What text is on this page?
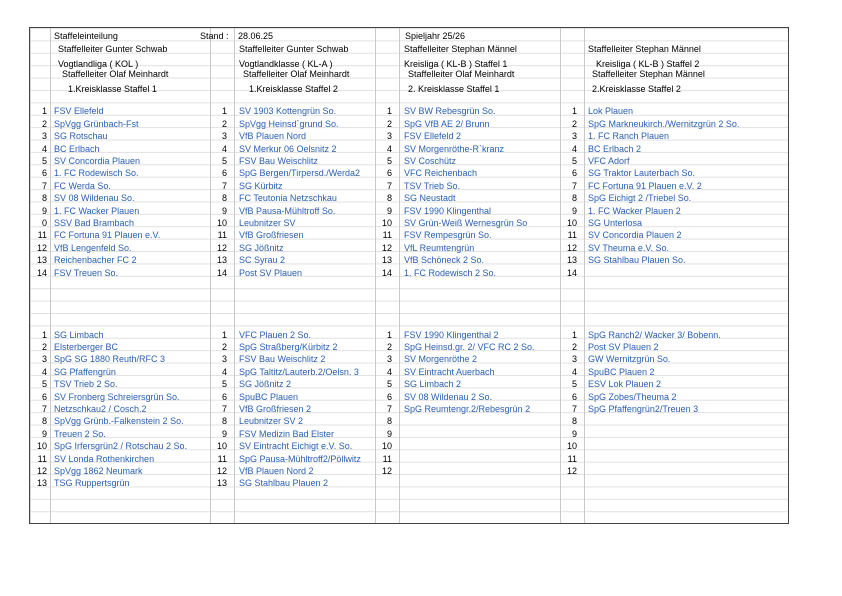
Staffeleinteilung	Stand : 28.06.25	Spieljahr 25/26
Staffelleiter Gunter Schwab
Vogtlandliga ( KOL )
1 FSV Ellefeld
2 SpVgg Grünbach-Fst
3 SG Rotschau
4 BC Erlbach
5 SV Concordia Plauen
6 1. FC Rodewisch So.
7 FC Werda So.
8 SV 08 Wildenau So.
9 1. FC Wacker Plauen
0 SSV Bad Brambach
11 FC Fortuna 91 Plauen e.V.
12 VfB Lengenfeld So.
13 Reichenbacher FC 2
14 FSV Treuen So.
Staffelleiter Gunter Schwab
Vogtlandklasse ( KL-A )
1 SV 1903 Kottengrün So.
2 SpVgg Heinsd`grund So.
3 VfB Plauen Nord
4 SV Merkur 06 Oelsnitz 2
5 FSV Bau Weischlitz
6 SpG Bergen/Tirpersd./Werda2
7 SG Kürbitz
8 FC Teutonia Netzschkau
9 VfB Pausa-Mühltroff So.
10 Leubnitzer SV
11 VfB Großfriesen
12 SG Jößnitz
13 SC Syrau 2
14 Post SV Plauen
Staffelleiter Stephan Männel
Kreisliga ( KL-B ) Staffel 1
1 SV BW Rebesgrün So.
2 SpG VfB AE 2/ Brunn
3 FSV Ellefeld 2
4 SV Morgenröthe-R`kranz
5 SV Coschütz
6 VFC Reichenbach
7 TSV Trieb So.
8 SG Neustadt
9 FSV 1990 Klingenthal
10 SV Grün-Weiß Wernesgrün So
11 FSV Rempesgrün So.
12 VfL Reumtengrün
13 VfB Schöneck 2 So.
14 1. FC Rodewisch 2 So.
Staffelleiter Stephan Männel
Kreisliga ( KL-B ) Staffel 2
1 Lok Plauen
2 SpG Markneukirch./Wernitzgrün 2 So.
3 1. FC Ranch Plauen
4 BC Erlbach 2
5 VFC Adorf
6 SG Traktor Lauterbach So.
7 FC Fortuna 91 Plauen e.V. 2
8 SpG Eichigt 2 /Triebel So.
9 1. FC Wacker Plauen 2
10 SG Unterlosa
11 SV Concordia Plauen 2
12 SV Theuma e.V. So.
13 SG Stahlbau Plauen So.
14
Staffelleiter Olaf Meinhardt
1.Kreisklasse Staffel 1
1 SG Limbach
2 Elsterberger BC
3 SpG SG 1880 Reuth/RFC 3
4 SG Pfaffengrün
5 TSV Trieb 2 So.
6 SV Fronberg Schreiersgrün So.
7 Netzschkau2 / Cosch.2
8 SpVgg Grünb.-Falkenstein 2 So.
9 Treuen 2 So.
10 SpG Irfersgrün2 / Rotschau 2 So.
11 SV Londa Rothenkirchen
12 SpVgg 1862 Neumark
13 TSG Ruppertsgrün
Staffelleiter Olaf Meinhardt
1.Kreisklasse Staffel 2
1 VFC Plauen 2 So.
2 SpG Straßberg/Kürbitz 2
3 FSV Bau Weischlitz 2
4 SpG Taltitz/Lauterb.2/Oelsn. 3
5 SG Jößnitz 2
6 SpuBC Plauen
7 VfB Großfriesen 2
8 Leubnitzer SV 2
9 FSV Medizin Bad Elster
10 SV Eintracht Eichigt e.V. So.
11 SpG Pausa-Mühltroff2/Pöllwitz
12 VfB Plauen Nord 2
13 SG Stahlbau Plauen 2
Staffelleiter Olaf Meinhardt
2. Kreisklasse Staffel 1
1 FSV 1990 Klingenthal 2
2 SpG Heinsd.gr. 2/ VFC RC 2 So.
3 SV Morgenröthe 2
4 SV Eintracht Auerbach
5 SG Limbach 2
6 SV 08 Wildenau 2 So.
7 SpG Reumtengr.2/Rebesgrün 2
8
9
10
11
12
Staffelleiter Stephan Männel
2.Kreisklasse Staffel 2
1 SpG Ranch2/ Wacker 3/ Bobenn.
2 Post SV Plauen 2
3 GW Wernitzgrün So.
4 SpuBC Plauen 2
5 ESV Lok Plauen 2
6 SpG Zobes/Theuma 2
7 SpG Pfaffengrün2/Treuen 3
8
9
10
11
12
